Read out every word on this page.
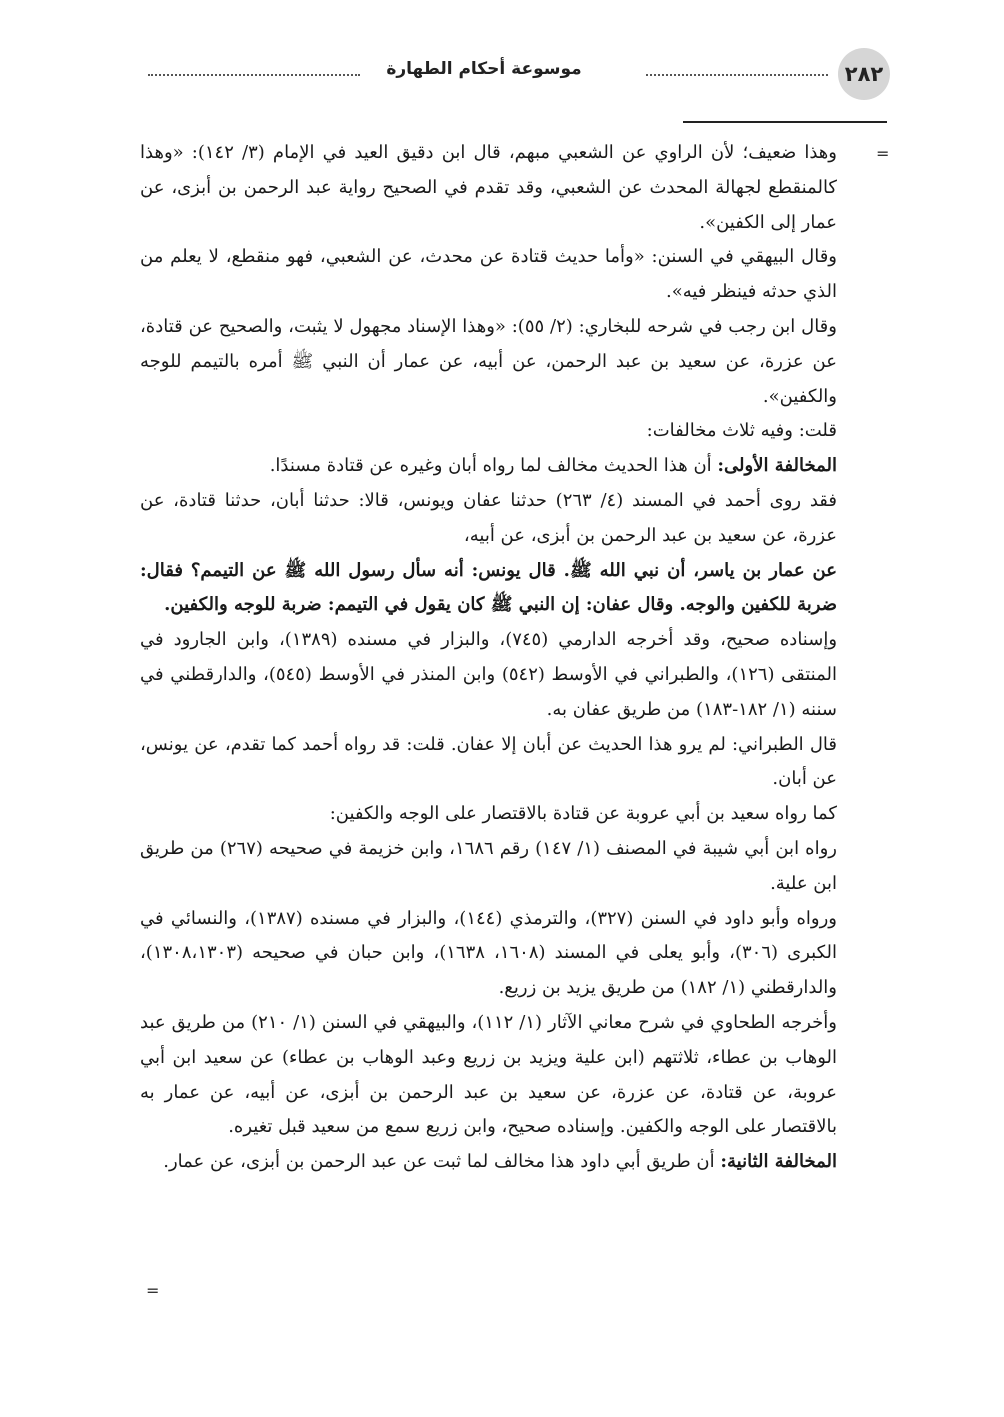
٢٨٢
موسوعة أحكام الطهارة
=

وهذا ضعيف؛ لأن الراوي عن الشعبي مبهم، قال ابن دقيق العيد في الإمام (٣/ ١٤٢): «وهذا كالمنقطع لجهالة المحدث عن الشعبي، وقد تقدم في الصحيح رواية عبد الرحمن بن أبزى، عن عمار إلى الكفين».

وقال البيهقي في السنن: «وأما حديث قتادة عن محدث، عن الشعبي، فهو منقطع، لا يعلم من الذي حدثه فينظر فيه».

وقال ابن رجب في شرحه للبخاري: (٢/ ٥٥): «وهذا الإسناد مجهول لا يثبت، والصحيح عن قتادة، عن عزرة، عن سعيد بن عبد الرحمن، عن أبيه، عن عمار أن النبي ﷺ أمره بالتيمم للوجه والكفين».

قلت: وفيه ثلاث مخالفات:

المخالفة الأولى: أن هذا الحديث مخالف لما رواه أبان وغيره عن قتادة مسندًا.

فقد روى أحمد في المسند (٤/ ٢٦٣) حدثنا عفان ويونس، قالا: حدثنا أبان، حدثنا قتادة، عن عزرة، عن سعيد بن عبد الرحمن بن أبزى، عن أبيه،

عن عمار بن ياسر، أن نبي الله ﷺ. قال يونس: أنه سأل رسول الله ﷺ عن التيمم؟ فقال: ضربة للكفين والوجه. وقال عفان: إن النبي ﷺ كان يقول في التيمم: ضربة للوجه والكفين.

وإسناده صحيح، وقد أخرجه الدارمي (٧٤٥)، والبزار في مسنده (١٣٨٩)، وابن الجارود في المنتقى (١٢٦)، والطبراني في الأوسط (٥٤٢) وابن المنذر في الأوسط (٥٤٥)، والدارقطني في سننه (١/ ١٨٢-١٨٣) من طريق عفان به.

قال الطبراني: لم يرو هذا الحديث عن أبان إلا عفان. قلت: قد رواه أحمد كما تقدم، عن يونس، عن أبان.

كما رواه سعيد بن أبي عروبة عن قتادة بالاقتصار على الوجه والكفين:

رواه ابن أبي شيبة في المصنف (١/ ١٤٧) رقم ١٦٨٦، وابن خزيمة في صحيحه (٢٦٧) من طريق ابن علية.

ورواه وأبو داود في السنن (٣٢٧)، والترمذي (١٤٤)، والبزار في مسنده (١٣٨٧)، والنسائي في الكبرى (٣٠٦)، وأبو يعلى في المسند (١٦٠٨، ١٦٣٨)، وابن حبان في صحيحه (١٣٠٨،١٣٠٣)، والدارقطني (١/ ١٨٢) من طريق يزيد بن زريع.

وأخرجه الطحاوي في شرح معاني الآثار (١/ ١١٢)، والبيهقي في السنن (١/ ٢١٠) من طريق عبد الوهاب بن عطاء، ثلاثتهم (ابن علية ويزيد بن زريع وعبد الوهاب بن عطاء) عن سعيد ابن أبي عروبة، عن قتادة، عن عزرة، عن سعيد بن عبد الرحمن بن أبزى، عن أبيه، عن عمار به بالاقتصار على الوجه والكفين. وإسناده صحيح، وابن زريع سمع من سعيد قبل تغيره.

المخالفة الثانية: أن طريق أبي داود هذا مخالف لما ثبت عن عبد الرحمن بن أبزى، عن عمار.

=
